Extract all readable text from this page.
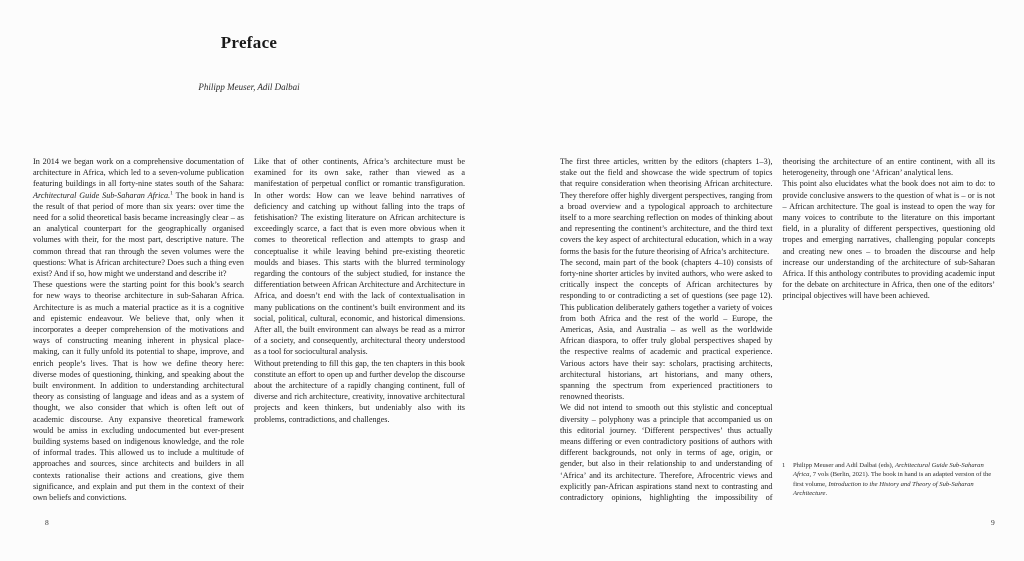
Preface
Philipp Meuser, Adil Dalbai

In 2014 we began work on a comprehensive documentation of architecture in Africa, which led to a seven-volume publication featuring buildings in all forty-nine states south of the Sahara: Architectural Guide Sub-Saharan Africa.$^1$ The book in hand is the result of that period of more than six years: over time the need for a solid theoretical basis became increasingly clear – as an analytical counterpart for the geographically organised volumes with their, for the most part, descriptive nature. The common thread that ran through the seven volumes were the questions: What is African architecture? Does such a thing even exist? And if so, how might we understand and describe it?

These questions were the starting point for this book’s search for new ways to theorise architecture in sub-Saharan Africa. Architecture is as much a material practice as it is a cognitive and epistemic endeavour. We believe that, only when it incorporates a deeper comprehension of the motivations and ways of constructing meaning inherent in physical place-making, can it fully unfold its potential to shape, improve, and enrich people’s lives. That is how we define theory here: diverse modes of questioning, thinking, and speaking about the built environment. In addition to understanding architectural theory as consisting of language and ideas and as a system of thought, we also consider that which is often left out of academic discourse. Any expansive theoretical framework would be amiss in excluding undocumented but ever-present building systems based on indigenous knowledge, and the role of informal trades. This allowed us to include a multitude of approaches and sources, since architects and builders in all contexts rationalise their actions and creations, give them significance, and explain and put them in the context of their own beliefs and convictions.

Like that of other continents, Africa’s architecture must be examined for its own sake, rather than viewed as a manifestation of perpetual conflict or romantic transfiguration. In other words: How can we leave behind narratives of deficiency and catching up without falling into the traps of fetishisation? The existing literature on African architecture is exceedingly scarce, a fact that is even more obvious when it comes to theoretical reflection and attempts to grasp and conceptualise it while leaving behind pre-existing theoretic moulds and biases. This starts with the blurred terminology regarding the contours of the subject studied, for instance the differentiation between African Architecture and Architecture in Africa, and doesn’t end with the lack of contextualisation in many publications on the continent’s built environment and its social, political, cultural, economic, and historical dimensions. After all, the built environment can always be read as a mirror of a society, and consequently, architectural theory understood as a tool for sociocultural analysis.

Without pretending to fill this gap, the ten chapters in this book constitute an effort to open up and further develop the discourse about the architecture of a rapidly changing continent, full of diverse and rich architecture, creativity, innovative architectural projects and keen thinkers, but undeniably also with its problems, contradictions, and challenges.

8

The first three articles, written by the editors (chapters 1–3), stake out the field and showcase the wide spectrum of topics that require consideration when theorising African architecture. They therefore offer highly divergent perspectives, ranging from a broad overview and a typological approach to architecture itself to a more searching reflection on modes of thinking about and representing the continent’s architecture, and the third text covers the key aspect of architectural education, which in a way forms the basis for the future theorising of Africa’s architecture.

The second, main part of the book (chapters 4–10) consists of forty-nine shorter articles by invited authors, who were asked to critically inspect the concepts of African architectures by responding to or contradicting a set of questions (see page 12). This publication deliberately gathers together a variety of voices from both Africa and the rest of the world – Europe, the Americas, Asia, and Australia – as well as the worldwide African diaspora, to offer truly global perspectives shaped by the respective realms of academic and practical experience. Various actors have their say: scholars, practising architects, architectural historians, art historians, and many others, spanning the spectrum from experienced practitioners to renowned theorists.

We did not intend to smooth out this stylistic and conceptual diversity – polyphony was a principle that accompanied us on this editorial journey. ‘Different perspectives’ thus actually means differing or even contradictory positions of authors with different backgrounds, not only in terms of age, origin, or gender, but also in their relationship to and understanding of ‘Africa’ and its architecture. Therefore, Afrocentric views and explicitly pan-African aspirations stand next to contrasting and contradictory opinions, highlighting the impossibility of theorising the architecture of an entire continent, with all its heterogeneity, through one ‘African’ analytical lens.

This point also elucidates what the book does not aim to do: to provide conclusive answers to the question of what is – or is not – African architecture. The goal is instead to open the way for many voices to contribute to the literature on this important field, in a plurality of different perspectives, questioning old tropes and emerging narratives, challenging popular concepts and creating new ones – to broaden the discourse and help increase our understanding of the architecture of sub-Saharan Africa. If this anthology contributes to providing academic input for the debate on architecture in Africa, then one of the editors’ principal objectives will have been achieved.

1	Philipp Meuser and Adil Dalbai (eds), Architectural Guide Sub-Saharan Africa, 7 vols (Berlin, 2021). The book in hand is an adapted version of the first volume, Introduction to the History and Theory of Sub-Saharan Architecture.
9
